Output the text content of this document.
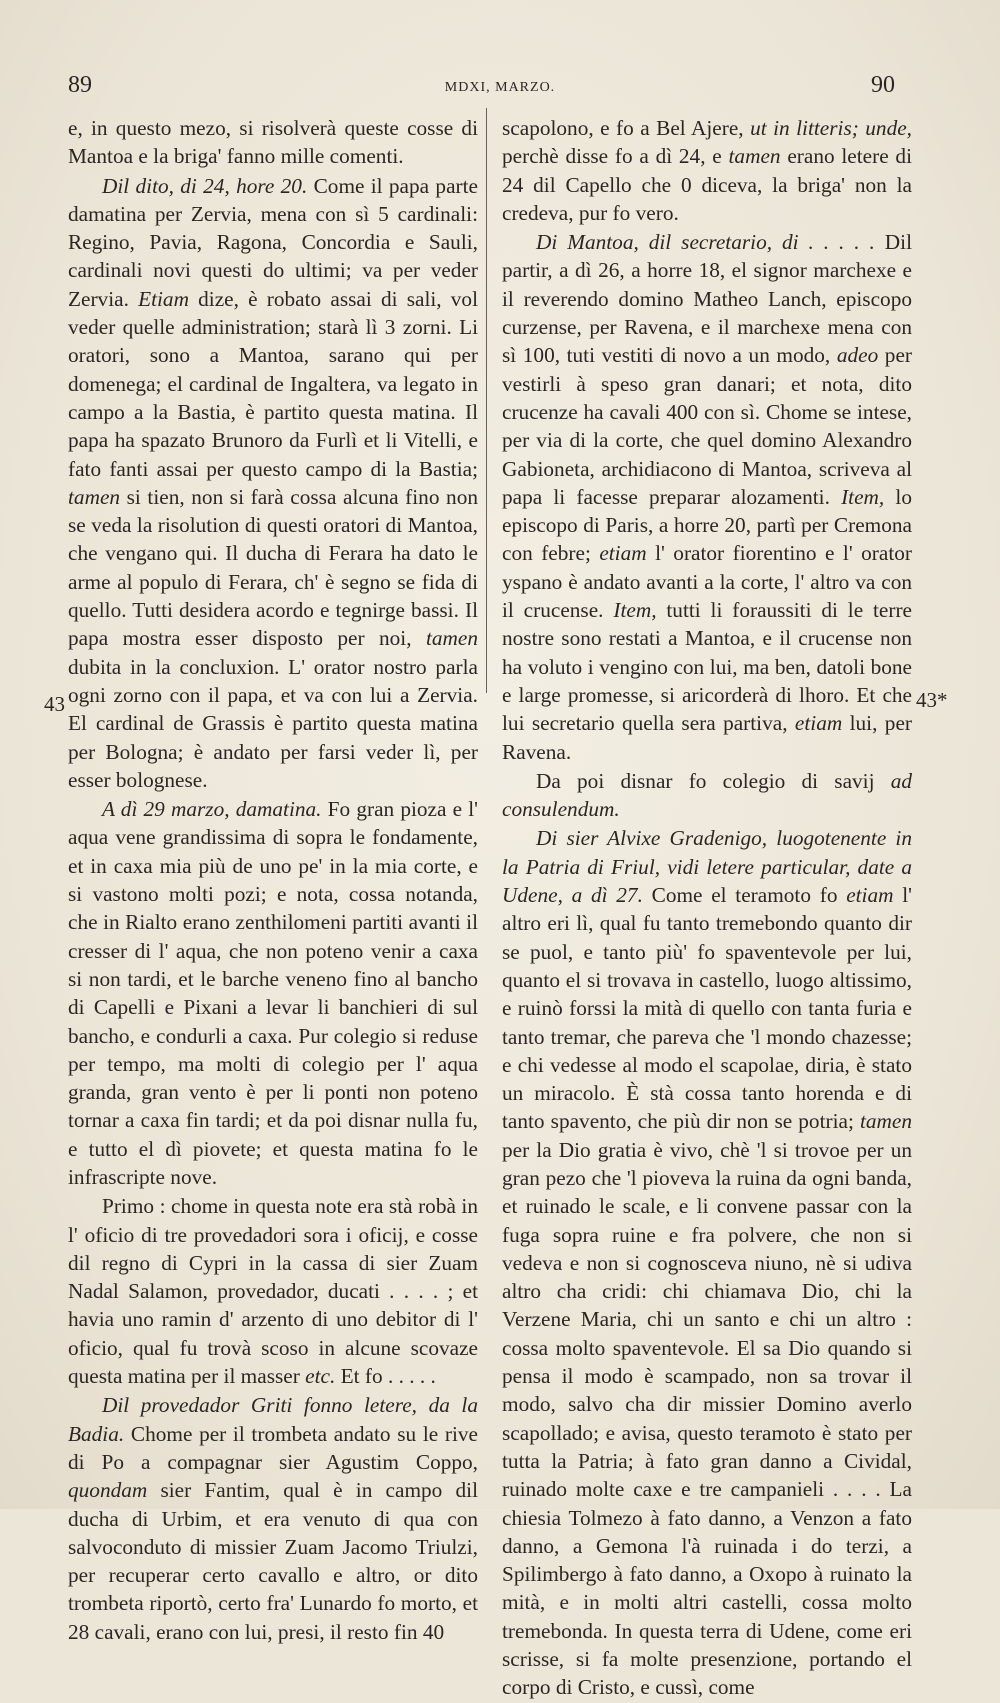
89	MDXI, MARZO.	90
43	43*

e, in questo mezo, si risolverà queste cosse di Mantoa e la briga' fanno mille comenti.

Dil dito, di 24, hore 20. Come il papa parte damatina per Zervia, mena con sì 5 cardinali: Regino, Pavia, Ragona, Concordia e Sauli, cardinali novi questi do ultimi; va per veder Zervia. Etiam dize, è robato assai di sali, vol veder quelle administration; starà lì 3 zorni. Li oratori, sono a Mantoa, sarano qui per domenega; el cardinal de Ingaltera, va legato in campo a la Bastia, è partito questa matina. Il papa ha spazato Brunoro da Furlì et li Vitelli, e fato fanti assai per questo campo di la Bastia; tamen si tien, non si farà cossa alcuna fino non se veda la risolution di questi oratori di Mantoa, che vengano qui. Il ducha di Ferara ha dato le arme al populo di Ferara, ch' è segno se fida di quello. Tutti desidera acordo e tegnirge bassi. Il papa mostra esser disposto per noi, tamen dubita in la concluxion. L' orator nostro parla ogni zorno con il papa, et va con lui a Zervia. El cardinal de Grassis è partito questa matina per Bologna; è andato per farsi veder lì, per esser bolognese.

A dì 29 marzo, damatina. Fo gran pioza e l' aqua vene grandissima di sopra le fondamente, et in caxa mia più de uno pe' in la mia corte, e si vastono molti pozi; e nota, cossa notanda, che in Rialto erano zenthilomeni partiti avanti il cresser di l' aqua, che non poteno venir a caxa si non tardi, et le barche veneno fino al bancho di Capelli e Pixani a levar li banchieri di sul bancho, e condurli a caxa. Pur colegio si reduse per tempo, ma molti di colegio per l' aqua granda, gran vento è per li ponti non poteno tornar a caxa fin tardi; et da poi disnar nulla fu, e tutto el dì piovete; et questa matina fo le infrascripte nove.

Primo : chome in questa note era stà robà in l' oficio di tre provedadori sora i oficij, e cosse dil regno di Cypri in la cassa di sier Zuam Nadal Salamon, provedador, ducati . . . . ; et havia uno ramin d' arzento di uno debitor di l' oficio, qual fu trovà scoso in alcune scovaze questa matina per il masser etc. Et fo . . . . .

Dil provedador Griti fonno letere, da la Badia. Chome per il trombeta andato su le rive di Po a compagnar sier Agustim Coppo, quondam sier Fantim, qual è in campo dil ducha di Urbim, et era venuto di qua con salvoconduto di missier Zuam Jacomo Triulzi, per recuperar certo cavallo e altro, or dito trombeta riportò, certo fra' Lunardo fo morto, et 28 cavali, erano con lui, presi, il resto fin 40

scapolono, e fo a Bel Ajere, ut in litteris; unde, perchè disse fo a dì 24, e tamen erano letere di 24 dil Capello che 0 diceva, la briga' non la credeva, pur fo vero.

Di Mantoa, dil secretario, di . . . . . Dil partir, a dì 26, a horre 18, el signor marchexe e il reverendo domino Matheo Lanch, episcopo curzense, per Ravena, e il marchexe mena con sì 100, tuti vestiti di novo a un modo, adeo per vestirli à speso gran danari; et nota, dito crucenze ha cavali 400 con sì. Chome se intese, per via di la corte, che quel domino Alexandro Gabioneta, archidiacono di Mantoa, scriveva al papa li facesse preparar alozamenti. Item, lo episcopo di Paris, a horre 20, partì per Cremona con febre; etiam l' orator fiorentino e l' orator yspano è andato avanti a la corte, l' altro va con il crucense. Item, tutti li foraussiti di le terre nostre sono restati a Mantoa, e il crucense non ha voluto i vengino con lui, ma ben, datoli bone e large promesse, si aricorderà di lhoro. Et che lui secretario quella sera partiva, etiam lui, per Ravena.

Da poi disnar fo colegio di savij ad consulendum.

Di sier Alvixe Gradenigo, luogotenente in la Patria di Friul, vidi letere particular, date a Udene, a dì 27. Come el teramoto fo etiam l' altro eri lì, qual fu tanto tremebondo quanto dir se puol, e tanto più' fo spaventevole per lui, quanto el si trovava in castello, luogo altissimo, e ruinò forssi la mità di quello con tanta furia e tanto tremar, che pareva che 'l mondo chazesse; e chi vedesse al modo el scapolae, diria, è stato un miracolo. È stà cossa tanto horenda e di tanto spavento, che più dir non se potria; tamen per la Dio gratia è vivo, chè 'l si trovoe per un gran pezo che 'l pioveva la ruina da ogni banda, et ruinado le scale, e li convene passar con la fuga sopra ruine e fra polvere, che non si vedeva e non si cognosceva niuno, nè si udiva altro cha cridi: chi chiamava Dio, chi la Verzene Maria, chi un santo e chi un altro : cossa molto spaventevole. El sa Dio quando si pensa il modo è scampado, non sa trovar il modo, salvo cha dir missier Domino averlo scapollado; e avisa, questo teramoto è stato per tutta la Patria; à fato gran danno a Cividal, ruinado molte caxe e tre campanieli . . . . La chiesia Tolmezo à fato danno, a Venzon a fato danno, a Gemona l'à ruinada i do terzi, a Spilimbergo à fato danno, a Oxopo à ruinato la mità, e in molti altri castelli, cossa molto tremebonda. In questa terra di Udene, come eri scrisse, si fa molte presenzione, portando el corpo di Cristo, e cussì, come
